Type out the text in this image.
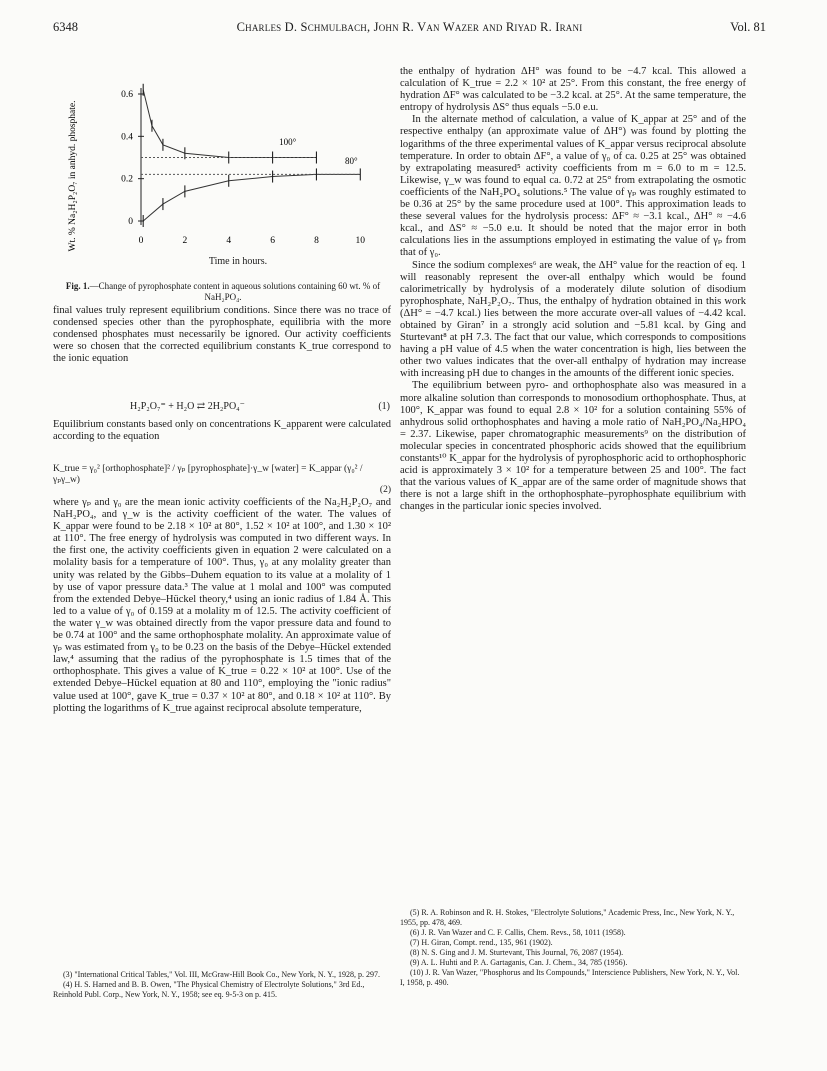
6348	Charles D. Schmulbach, John R. Van Wazer and Riyad R. Irani	Vol. 81
0
0.2
0.4
0.6
0	2	4	6	8	10
100°
80°
Wt. % Na₂H₂P₂O₇ in anhyd. phosphate.
Time in hours.
Fig. 1.—Change of pyrophosphate content in aqueous solutions containing 60 wt. % of NaH₂PO₄.

final values truly represent equilibrium conditions. Since there was no trace of condensed species other than the pyrophosphate, equilibria with the more condensed phosphates must necessarily be ignored. Our activity coefficients were so chosen that the corrected equilibrium constants K_true correspond to the ionic equation

H₂P₂O₇⁼ + H₂O ⇄ 2H₂PO₄⁻	(1)

Equilibrium constants based only on concentrations K_apparent were calculated according to the equation

K_true = γ₀² [orthophosphate]² / γₚ [pyrophosphate]·γ_w [water] = K_appar (γ₀² / γₚγ_w)
(2)

where γₚ and γ₀ are the mean ionic activity coefficients of the Na₂H₂P₂O₇ and NaH₂PO₄, and γ_w is the activity coefficient of the water. The values of K_appar were found to be 2.18 × 10² at 80°, 1.52 × 10² at 100°, and 1.30 × 10² at 110°. The free energy of hydrolysis was computed in two different ways. In the first one, the activity coefficients given in equation 2 were calculated on a molality basis for a temperature of 100°. Thus, γ₀ at any molality greater than unity was related by the Gibbs–Duhem equation to its value at a molality of 1 by use of vapor pressure data.³ The value at 1 molal and 100° was computed from the extended Debye–Hückel theory,⁴ using an ionic radius of 1.84 Å. This led to a value of γ₀ of 0.159 at a molality m of 12.5. The activity coefficient of the water γ_w was obtained directly from the vapor pressure data and found to be 0.74 at 100° and the same orthophosphate molality. An approximate value of γₚ was estimated from γ₀ to be 0.23 on the basis of the Debye–Hückel extended law,⁴ assuming that the radius of the pyrophosphate is 1.5 times that of the orthophosphate. This gives a value of K_true = 0.22 × 10² at 100°. Use of the extended Debye–Hückel equation at 80 and 110°, employing the "ionic radius" value used at 100°, gave K_true = 0.37 × 10² at 80°, and 0.18 × 10² at 110°. By plotting the logarithms of K_true against reciprocal absolute temperature,

(3) "International Critical Tables," Vol. III, McGraw-Hill Book Co., New York, N. Y., 1928, p. 297.
(4) H. S. Harned and B. B. Owen, "The Physical Chemistry of Electrolyte Solutions," 3rd Ed., Reinhold Publ. Corp., New York, N. Y., 1958; see eq. 9-5-3 on p. 415.

the enthalpy of hydration ΔH° was found to be −4.7 kcal. This allowed a calculation of K_true = 2.2 × 10² at 25°. From this constant, the free energy of hydration ΔF° was calculated to be −3.2 kcal. at 25°. At the same temperature, the entropy of hydrolysis ΔS° thus equals −5.0 e.u.

In the alternate method of calculation, a value of K_appar at 25° and of the respective enthalpy (an approximate value of ΔH°) was found by plotting the logarithms of the three experimental values of K_appar versus reciprocal absolute temperature. In order to obtain ΔF°, a value of γ₀ of ca. 0.25 at 25° was obtained by extrapolating measured⁵ activity coefficients from m = 6.0 to m = 12.5. Likewise, γ_w was found to equal ca. 0.72 at 25° from extrapolating the osmotic coefficients of the NaH₂PO₄ solutions.⁵ The value of γₚ was roughly estimated to be 0.36 at 25° by the same procedure used at 100°. This approximation leads to these several values for the hydrolysis process: ΔF° ≈ −3.1 kcal., ΔH° ≈ −4.6 kcal., and ΔS° ≈ −5.0 e.u. It should be noted that the major error in both calculations lies in the assumptions employed in estimating the value of γₚ from that of γ₀.

Since the sodium complexes⁶ are weak, the ΔH° value for the reaction of eq. 1 will reasonably represent the over-all enthalpy which would be found calorimetrically by hydrolysis of a moderately dilute solution of disodium pyrophosphate, NaH₂P₂O₇. Thus, the enthalpy of hydration obtained in this work (ΔH° = −4.7 kcal.) lies between the more accurate over-all values of −4.42 kcal. obtained by Giran⁷ in a strongly acid solution and −5.81 kcal. by Ging and Sturtevant⁸ at pH 7.3. The fact that our value, which corresponds to compositions having a pH value of 4.5 when the water concentration is high, lies between the other two values indicates that the over-all enthalpy of hydration may increase with increasing pH due to changes in the amounts of the different ionic species.

The equilibrium between pyro- and orthophosphate also was measured in a more alkaline solution than corresponds to monosodium orthophosphate. Thus, at 100°, K_appar was found to equal 2.8 × 10² for a solution containing 55% of anhydrous solid orthophosphates and having a mole ratio of NaH₂PO₄/Na₂HPO₄ = 2.37. Likewise, paper chromatographic measurements⁹ on the distribution of molecular species in concentrated phosphoric acids showed that the equilibrium constants¹⁰ K_appar for the hydrolysis of pyrophosphoric acid to orthophosphoric acid is approximately 3 × 10² for a temperature between 25 and 100°. The fact that the various values of K_appar are of the same order of magnitude shows that there is not a large shift in the orthophosphate–pyrophosphate equilibrium with changes in the particular ionic species involved.

(5) R. A. Robinson and R. H. Stokes, "Electrolyte Solutions," Academic Press, Inc., New York, N. Y., 1955, pp. 478, 469.
(6) J. R. Van Wazer and C. F. Callis, Chem. Revs., 58, 1011 (1958).
(7) H. Giran, Compt. rend., 135, 961 (1902).
(8) N. S. Ging and J. M. Sturtevant, This Journal, 76, 2087 (1954).
(9) A. L. Huhti and P. A. Gartaganis, Can. J. Chem., 34, 785 (1956).
(10) J. R. Van Wazer, "Phosphorus and Its Compounds," Interscience Publishers, New York, N. Y., Vol. I, 1958, p. 490.
